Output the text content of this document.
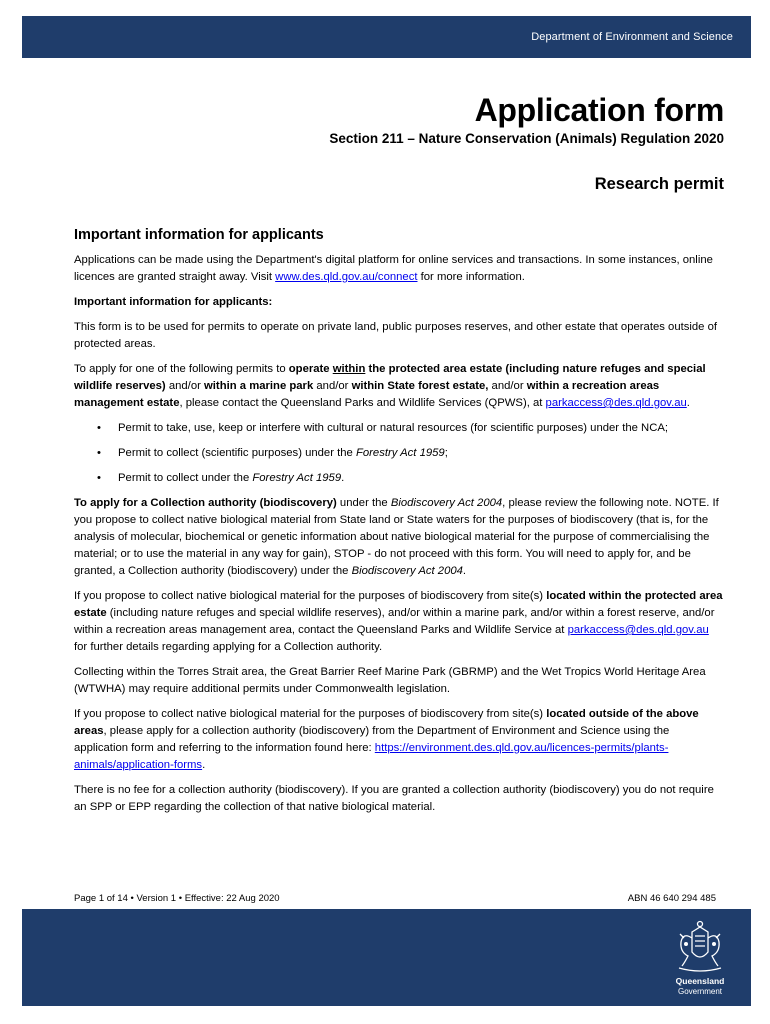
Department of Environment and Science
Application form
Section 211 – Nature Conservation (Animals) Regulation 2020
Research permit
Important information for applicants

Applications can be made using the Department's digital platform for online services and transactions. In some instances, online licences are granted straight away. Visit www.des.qld.gov.au/connect for more information.

Important information for applicants:

This form is to be used for permits to operate on private land, public purposes reserves, and other estate that operates outside of protected areas.

To apply for one of the following permits to operate within the protected area estate (including nature refuges and special wildlife reserves) and/or within a marine park and/or within State forest estate, and/or within a recreation areas management estate, please contact the Queensland Parks and Wildlife Services (QPWS), at parkaccess@des.qld.gov.au.

• Permit to take, use, keep or interfere with cultural or natural resources (for scientific purposes) under the NCA;
• Permit to collect (scientific purposes) under the Forestry Act 1959;
• Permit to collect under the Forestry Act 1959.

To apply for a Collection authority (biodiscovery) under the Biodiscovery Act 2004, please review the following note. NOTE. If you propose to collect native biological material from State land or State waters for the purposes of biodiscovery (that is, for the analysis of molecular, biochemical or genetic information about native biological material for the purpose of commercialising the material; or to use the material in any way for gain), STOP - do not proceed with this form. You will need to apply for, and be granted, a Collection authority (biodiscovery) under the Biodiscovery Act 2004.

If you propose to collect native biological material for the purposes of biodiscovery from site(s) located within the protected area estate (including nature refuges and special wildlife reserves), and/or within a marine park, and/or within a forest reserve, and/or within a recreation areas management area, contact the Queensland Parks and Wildlife Service at parkaccess@des.qld.gov.au for further details regarding applying for a Collection authority.

Collecting within the Torres Strait area, the Great Barrier Reef Marine Park (GBRMP) and the Wet Tropics World Heritage Area (WTWHA) may require additional permits under Commonwealth legislation.

If you propose to collect native biological material for the purposes of biodiscovery from site(s) located outside of the above areas, please apply for a collection authority (biodiscovery) from the Department of Environment and Science using the application form and referring to the information found here: https://environment.des.qld.gov.au/licences-permits/plants-animals/application-forms.

There is no fee for a collection authority (biodiscovery). If you are granted a collection authority (biodiscovery) you do not require an SPP or EPP regarding the collection of that native biological material.

Page 1 of 14 • Version 1 • Effective: 22 Aug 2020	ABN 46 640 294 485
Queensland
Government
